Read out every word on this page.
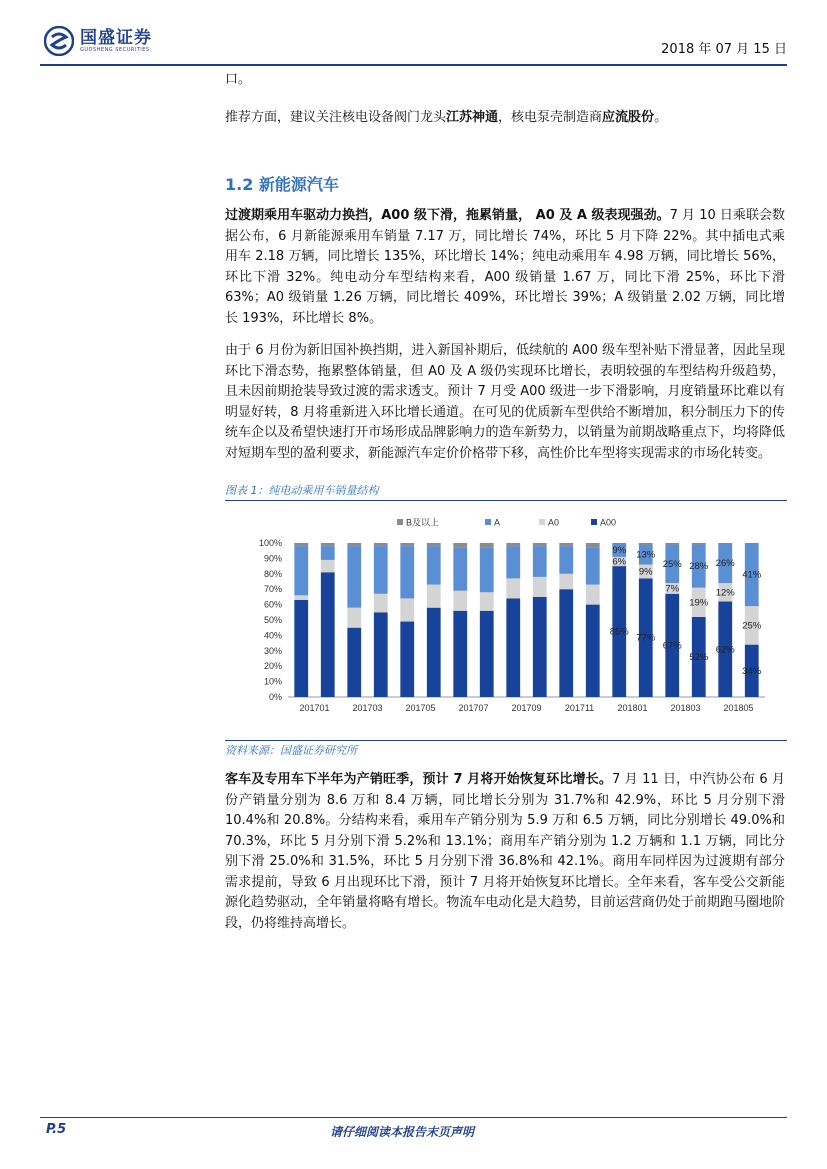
国盛证券
GUOSHENG SECURITIES	2018 年 07 月 15 日

口。

推荐方面，建议关注核电设备阀门龙头江苏神通，核电泵壳制造商应流股份。

1.2 新能源汽车

过渡期乘用车驱动力换挡，A00 级下滑，拖累销量， A0 及 A 级表现强劲。7 月 10 日乘联会数据公布，6 月新能源乘用车销量 7.17 万，同比增长 74%，环比 5 月下降 22%。其中插电式乘用车 2.18 万辆，同比增长 135%，环比增长 14%；纯电动乘用车 4.98 万辆，同比增长 56%，环比下滑 32%。纯电动分车型结构来看，A00 级销量 1.67 万，同比下滑 25%，环比下滑 63%；A0 级销量 1.26 万辆，同比增长 409%，环比增长 39%；A 级销量 2.02 万辆，同比增长 193%，环比增长 8%。

由于 6 月份为新旧国补换挡期，进入新国补期后，低续航的 A00 级车型补贴下滑显著，因此呈现环比下滑态势，拖累整体销量，但 A0 及 A 级仍实现环比增长，表明较强的车型结构升级趋势，且未因前期抢装导致过渡的需求透支。预计 7 月受 A00 级进一步下滑影响，月度销量环比难以有明显好转，8 月将重新进入环比增长通道。在可见的优质新车型供给不断增加，积分制压力下的传统车企以及希望快速打开市场形成品牌影响力的造车新势力，以销量为前期战略重点下，均将降低对短期车型的盈利要求，新能源汽车定价价格带下移，高性价比车型将实现需求的市场化转变。

图表 1：纯电动乘用车销量结构
B及以上	A	A0	A00
0%
10%
20%
30%
40%
50%
60%
70%
80%
90%
100%
85%
77%
67%
52%
62%
34%
6%
9%
7%
19%
12%
25%
9% 13%
25% 28% 26%
41%
201701	201703	201705	201707	201709	201711	201801	201803	201805
资料来源：国盛证券研究所

客车及专用车下半年为产销旺季，预计 7 月将开始恢复环比增长。7 月 11 日，中汽协公布 6 月份产销量分别为 8.6 万和 8.4 万辆，同比增长分别为 31.7%和 42.9%，环比 5 月分别下滑 10.4%和 20.8%。分结构来看，乘用车产销分别为 5.9 万和 6.5 万辆，同比分别增长 49.0%和 70.3%，环比 5 月分别下滑 5.2%和 13.1%；商用车产销分别为 1.2 万辆和 1.1 万辆，同比分别下滑 25.0%和 31.5%，环比 5 月分别下滑 36.8%和 42.1%。商用车同样因为过渡期有部分需求提前，导致 6 月出现环比下滑，预计 7 月将开始恢复环比增长。全年来看，客车受公交新能源化趋势驱动，全年销量将略有增长。物流车电动化是大趋势，目前运营商仍处于前期跑马圈地阶段，仍将维持高增长。

P.5	请仔细阅读本报告末页声明
